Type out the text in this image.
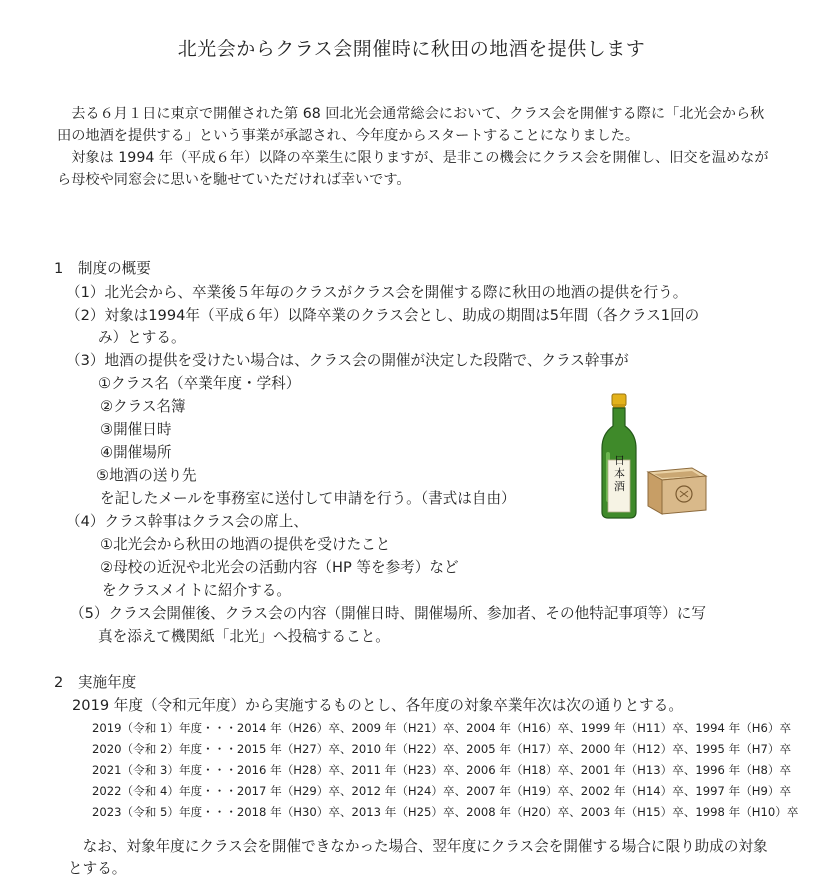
北光会からクラス会開催時に秋田の地酒を提供します

去る６月１日に東京で開催された第 68 回北光会通常総会において、クラス会を開催する際に「北光会から秋田の地酒を提供する」という事業が承認され、今年度からスタートすることになりました。

対象は 1994 年（平成６年）以降の卒業生に限りますが、是非この機会にクラス会を開催し、旧交を温めながら母校や同窓会に思いを馳せていただければ幸いです。

1　制度の概要
（1）北光会から、卒業後５年毎のクラスがクラス会を開催する際に秋田の地酒の提供を行う。
（2）対象は1994年（平成６年）以降卒業のクラス会とし、助成の期間は5年間（各クラス1回の
み）とする。
（3）地酒の提供を受けたい場合は、クラス会の開催が決定した段階で、クラス幹事が
①クラス名（卒業年度・学科）
②クラス名簿
③開催日時
④開催場所
⑤地酒の送り先
を記したメールを事務室に送付して申請を行う。（書式は自由）
（4）クラス幹事はクラス会の席上、
①北光会から秋田の地酒の提供を受けたこと
②母校の近況や北光会の活動内容（HP 等を参考）など
をクラスメイトに紹介する。
（5）クラス会開催後、クラス会の内容（開催日時、開催場所、参加者、その他特記事項等）に写
真を添えて機関紙「北光」へ投稿すること。
日本酒
2　実施年度
2019 年度（令和元年度）から実施するものとし、各年度の対象卒業年次は次の通りとする。
2019（令和 1）年度・・・2014 年（H26）卒、2009 年（H21）卒、2004 年（H16）卒、1999 年（H11）卒、1994 年（H6）卒
2020（令和 2）年度・・・2015 年（H27）卒、2010 年（H22）卒、2005 年（H17）卒、2000 年（H12）卒、1995 年（H7）卒
2021（令和 3）年度・・・2016 年（H28）卒、2011 年（H23）卒、2006 年（H18）卒、2001 年（H13）卒、1996 年（H8）卒
2022（令和 4）年度・・・2017 年（H29）卒、2012 年（H24）卒、2007 年（H19）卒、2002 年（H14）卒、1997 年（H9）卒
2023（令和 5）年度・・・2018 年（H30）卒、2013 年（H25）卒、2008 年（H20）卒、2003 年（H15）卒、1998 年（H10）卒

なお、対象年度にクラス会を開催できなかった場合、翌年度にクラス会を開催する場合に限り助成の対象とする。
